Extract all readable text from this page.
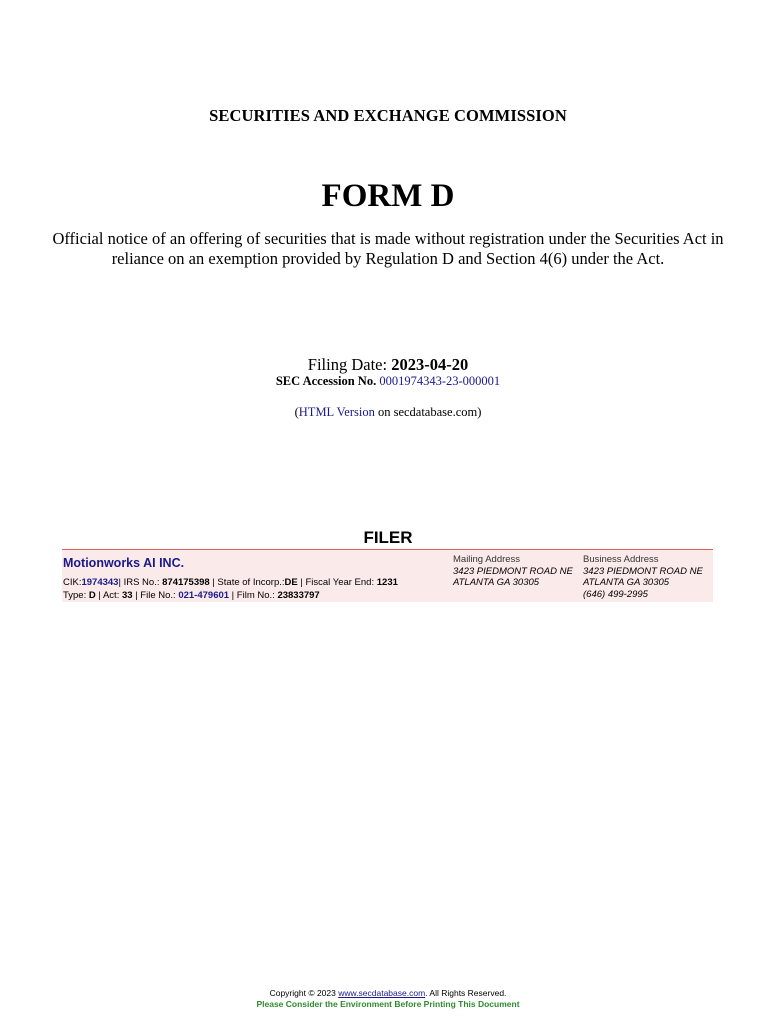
SECURITIES AND EXCHANGE COMMISSION
FORM D
Official notice of an offering of securities that is made without registration under the Securities Act in reliance on an exemption provided by Regulation D and Section 4(6) under the Act.
Filing Date: 2023-04-20
SEC Accession No. 0001974343-23-000001
(HTML Version on secdatabase.com)
FILER
Motionworks AI INC.
CIK:1974343| IRS No.: 874175398 | State of Incorp.:DE | Fiscal Year End: 1231
Type: D | Act: 33 | File No.: 021-479601 | Film No.: 23833797
Mailing Address
3423 PIEDMONT ROAD NE
ATLANTA GA 30305
Business Address
3423 PIEDMONT ROAD NE
ATLANTA GA 30305
(646) 499-2995
Copyright © 2023 www.secdatabase.com. All Rights Reserved.
Please Consider the Environment Before Printing This Document
